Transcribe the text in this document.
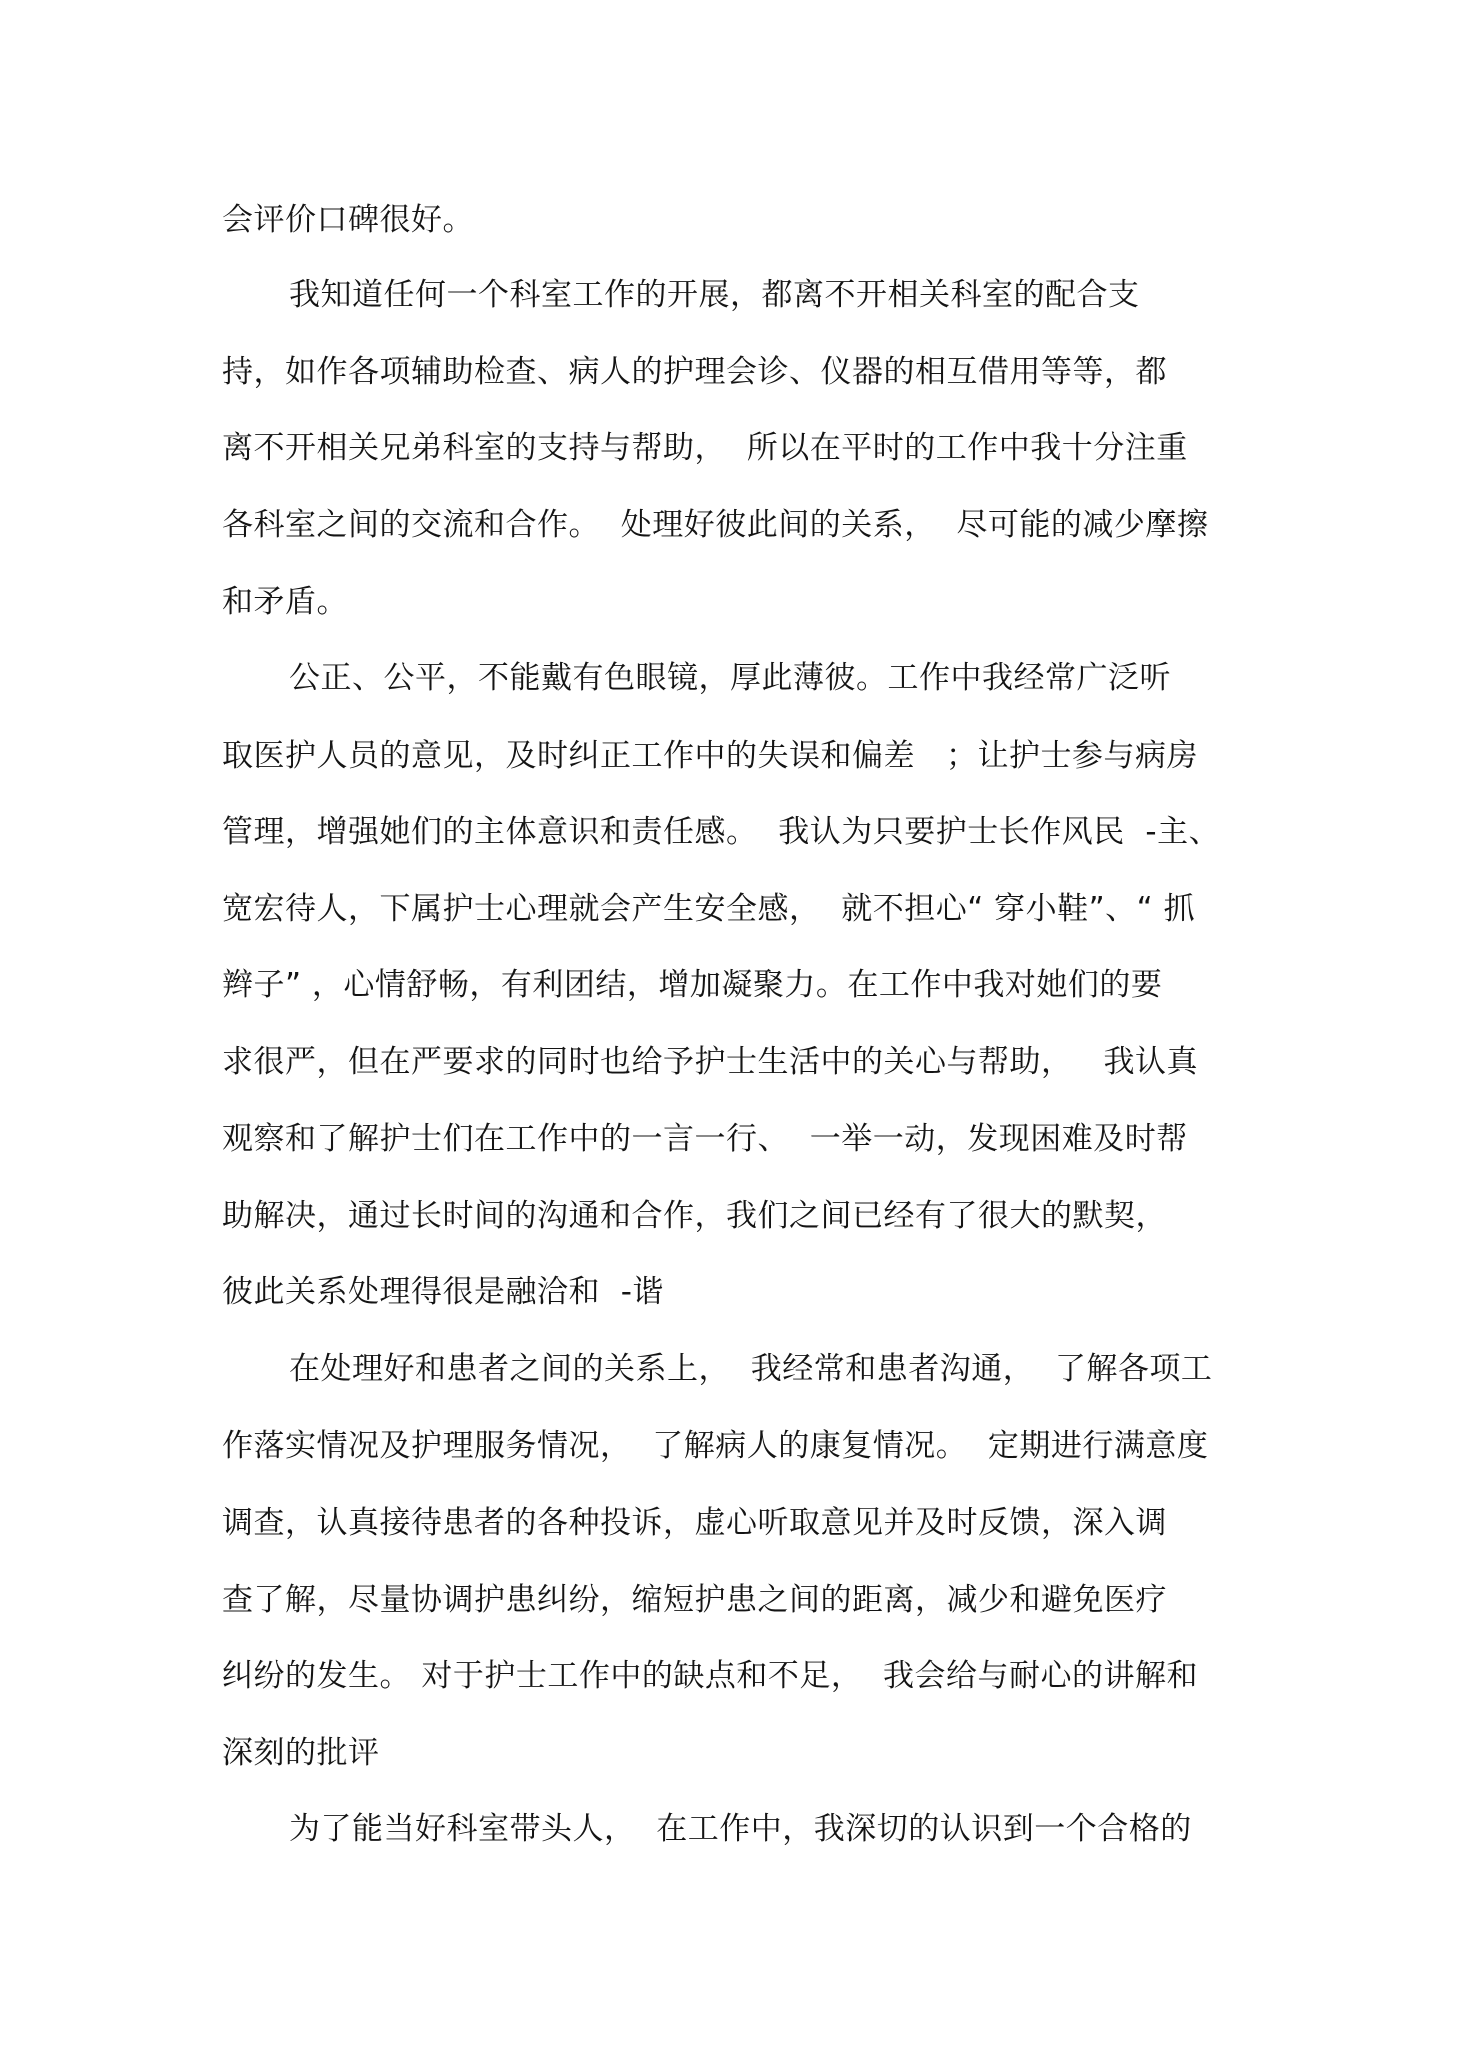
会评价口碑很好。
我知道任何一个科室工作的开展，都离不开相关科室的配合支
持，如作各项辅助检查、病人的护理会诊、仪器的相互借用等等，都
离不开相关兄弟科室的支持与帮助，  所以在平时的工作中我十分注重
各科室之间的交流和合作。  处理好彼此间的关系，  尽可能的减少摩擦
和矛盾。
公正、公平，不能戴有色眼镜，厚此薄彼。工作中我经常广泛听
取医护人员的意见，及时纠正工作中的失误和偏差   ；让护士参与病房
管理，增强她们的主体意识和责任感。  我认为只要护士长作风民  -主、
宽宏待人，下属护士心理就会产生安全感，  就不担心“ 穿小鞋”、“ 抓
辫子” ，心情舒畅，有利团结，增加凝聚力。在工作中我对她们的要
求很严，但在严要求的同时也给予护士生活中的关心与帮助，   我认真
观察和了解护士们在工作中的一言一行、  一举一动，发现困难及时帮
助解决，通过长时间的沟通和合作，我们之间已经有了很大的默契，
彼此关系处理得很是融洽和  -谐
在处理好和患者之间的关系上，  我经常和患者沟通，  了解各项工
作落实情况及护理服务情况，  了解病人的康复情况。  定期进行满意度
调查，认真接待患者的各种投诉，虚心听取意见并及时反馈，深入调
查了解，尽量协调护患纠纷，缩短护患之间的距离，减少和避免医疗
纠纷的发生。 对于护士工作中的缺点和不足，  我会给与耐心的讲解和
深刻的批评
为了能当好科室带头人，  在工作中，我深切的认识到一个合格的
